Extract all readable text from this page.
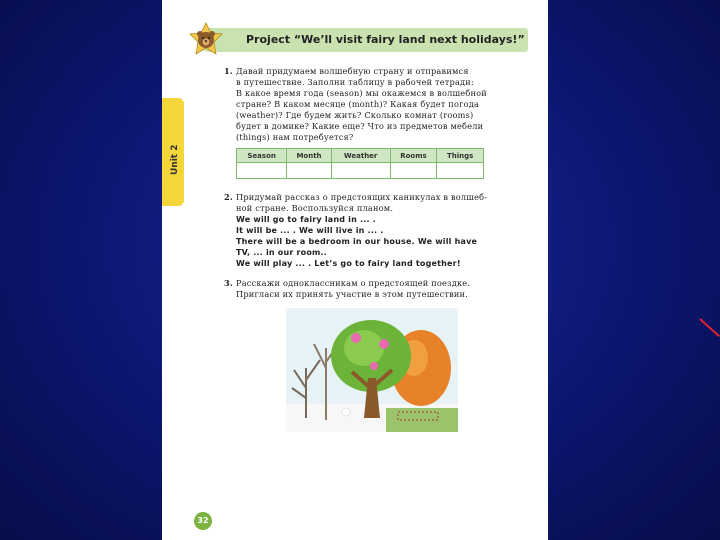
Unit 2
Project “We’ll visit fairy land next holidays!”
1. Давай придумаем волшебную страну и отправимся
в путешествие. Заполни таблицу в рабочей тетради:
В какое время года (season) мы окажемся в волшебной
стране? В каком месяце (month)? Какая будет погода
(weather)? Где будем жить? Сколько комнат (rooms)
будет в домике? Какие еще? Что из предметов мебели
(things) нам потребуется?
Season	Month	Weather	Rooms	Things

2. Придумай рассказ о предстоящих каникулах в волшеб-
ной стране. Воспользуйся планом.
We will go to fairy land in ... .
It will be ... . We will live in ... .
There will be a bedroom in our house. We will have
TV, ... in our room..
We will play ... . Let’s go to fairy land together!
3. Расскажи одноклассникам о предстоящей поездке.
Пригласи их принять участие в этом путешествии.
32
